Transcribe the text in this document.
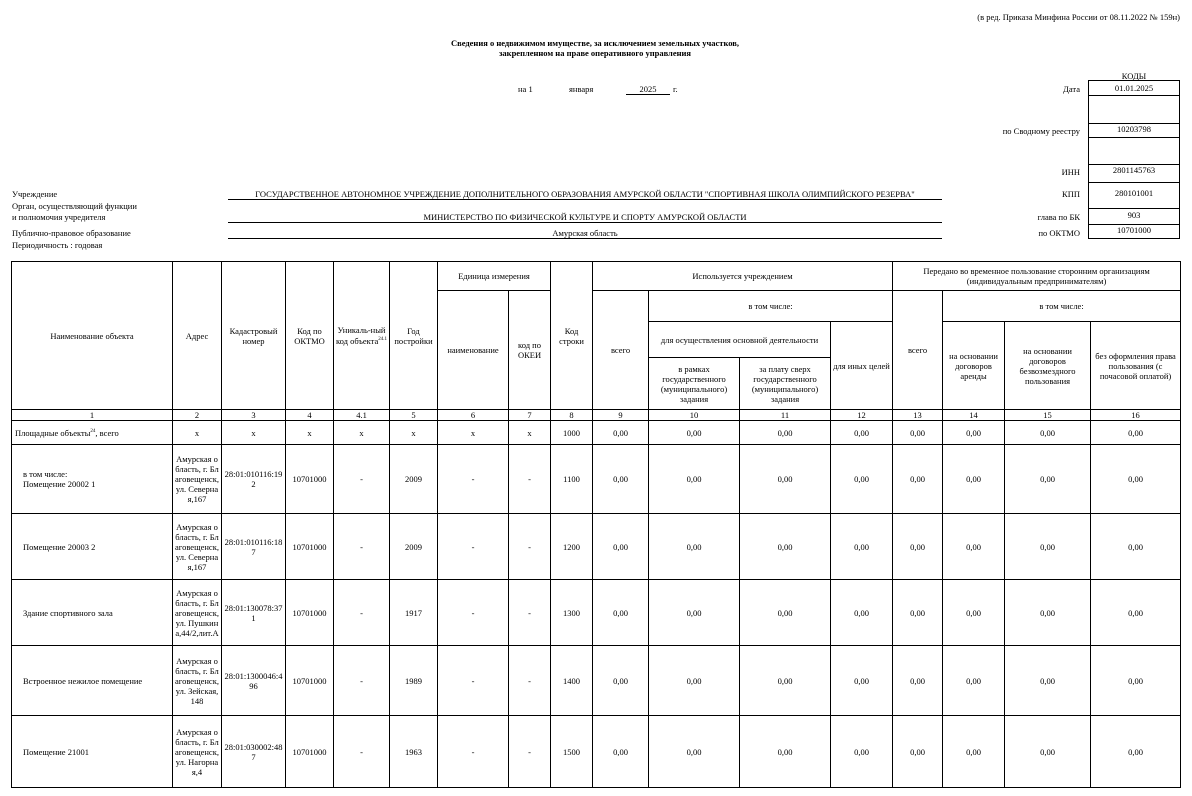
(в ред. Приказа Минфина России от 08.11.2022 № 159н)
Сведения о недвижимом имуществе, за исключением земельных участков,
закрепленном на праве оперативного управления
на 1	января	2025	г.
КОДЫ
Дата	01.01.2025
по Сводному реестру	10203798
ИНН	2801145763
КПП	280101001
глава по БК	903
по ОКТМО	10701000
Учреждение	ГОСУДАРСТВЕННОЕ АВТОНОМНОЕ УЧРЕЖДЕНИЕ ДОПОЛНИТЕЛЬНОГО ОБРАЗОВАНИЯ АМУРСКОЙ ОБЛАСТИ "СПОРТИВНАЯ ШКОЛА ОЛИМПИЙСКОГО РЕЗЕРВА"
Орган, осуществляющий функции
и полномочия учредителя	МИНИСТЕРСТВО ПО ФИЗИЧЕСКОЙ КУЛЬТУРЕ И СПОРТУ АМУРСКОЙ ОБЛАСТИ
Публично-правовое образование	Амурская область
Периодичность : годовая
Наименование объекта	Адрес	Кадастровый номер	Код по ОКТМО	Уникаль-ный код объекта$^{24.1}$	Год постройки	Единица измерения		Код строки	Используется учреждением				Передано во временное пользование сторонним организациям (индивидуальным предпринимателям)			
						наименование	код по ОКЕИ		всего	в том числе:			всего	в том числе:		
										для осуществления основной деятельности		для иных целей		на основании договоров аренды	на основании договоров безвозмездного пользования	без оформления права пользования (с почасовой оплатой)
										в рамках государственного (муниципального) задания	за плату сверх государственного (муниципального) задания					
1	2	3	4	4.1	5	6	7	8	9	10	11	12	13	14	15	16
Площадные объекты$^{24}$, всего	х	х	х	х	х	х	х	1000	0,00	0,00	0,00	0,00	0,00	0,00	0,00	0,00

в том числе:
Помещение 20002 1	Амурская область, г. Благовещенск, ул. Северная,167	28:01:010116:192	10701000	-	2009	-	-	1100	0,00	0,00	0,00	0,00	0,00	0,00	0,00	0,00

Помещение 20003 2	Амурская область, г. Благовещенск, ул. Северная,167	28:01:010116:187	10701000	-	2009	-	-	1200	0,00	0,00	0,00	0,00	0,00	0,00	0,00	0,00

Здание спортивного зала	Амурская область, г. Благовещенск, ул. Пушкина,44/2,лит.А	28:01:130078:371	10701000	-	1917	-	-	1300	0,00	0,00	0,00	0,00	0,00	0,00	0,00	0,00

Встроенное нежилое помещение	Амурская область, г. Благовещенск, ул. Зейская, 148	28:01:1300046:496	10701000	-	1989	-	-	1400	0,00	0,00	0,00	0,00	0,00	0,00	0,00	0,00

Помещение 21001	Амурская область, г. Благовещенск, ул. Нагорная,4	28:01:030002:487	10701000	-	1963	-	-	1500	0,00	0,00	0,00	0,00	0,00	0,00	0,00	0,00
